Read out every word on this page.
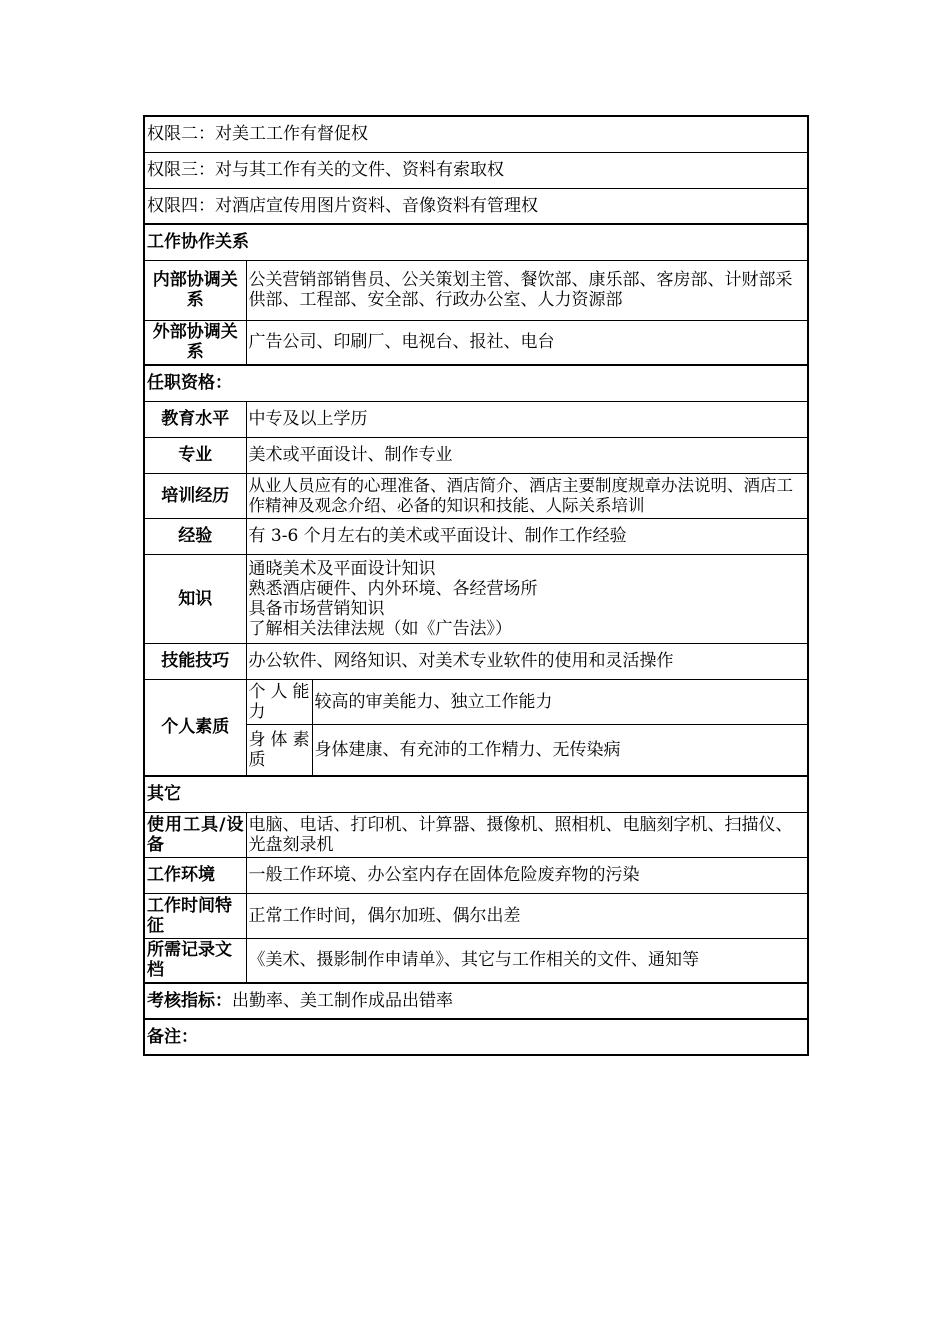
权限二：对美工工作有督促权		
权限三：对与其工作有关的文件、资料有索取权		
权限四：对酒店宣传用图片资料、音像资料有管理权		
工作协作关系		
内部协调关系	公关营销部销售员、公关策划主管、餐饮部、康乐部、客房部、计财部采供部、工程部、安全部、行政办公室、人力资源部	
外部协调关系	广告公司、印刷厂、电视台、报社、电台	
任职资格：		
教育水平	中专及以上学历	
专业	美术或平面设计、制作专业	
培训经历	从业人员应有的心理准备、酒店简介、酒店主要制度规章办法说明、酒店工作精神及观念介绍、必备的知识和技能、人际关系培训	
经验	有 3-6 个月左右的美术或平面设计、制作工作经验	
知识	通晓美术及平面设计知识
熟悉酒店硬件、内外环境、各经营场所
具备市场营销知识
了解相关法律法规（如《广告法》）	

技能技巧	办公软件、网络知识、对美术专业软件的使用和灵活操作	
个人素质	个人能力	较高的审美能力、独立工作能力
	身体素质	身体建康、有充沛的工作精力、无传染病
其它		
使用工具/设备	电脑、电话、打印机、计算器、摄像机、照相机、电脑刻字机、扫描仪、光盘刻录机	
工作环境	一般工作环境、办公室内存在固体危险废弃物的污染	
工作时间特征	正常工作时间，偶尔加班、偶尔出差	
所需记录文档	《美术、摄影制作申请单》、其它与工作相关的文件、通知等	
考核指标：出勤率、美工制作成品出错率		
备注：		
